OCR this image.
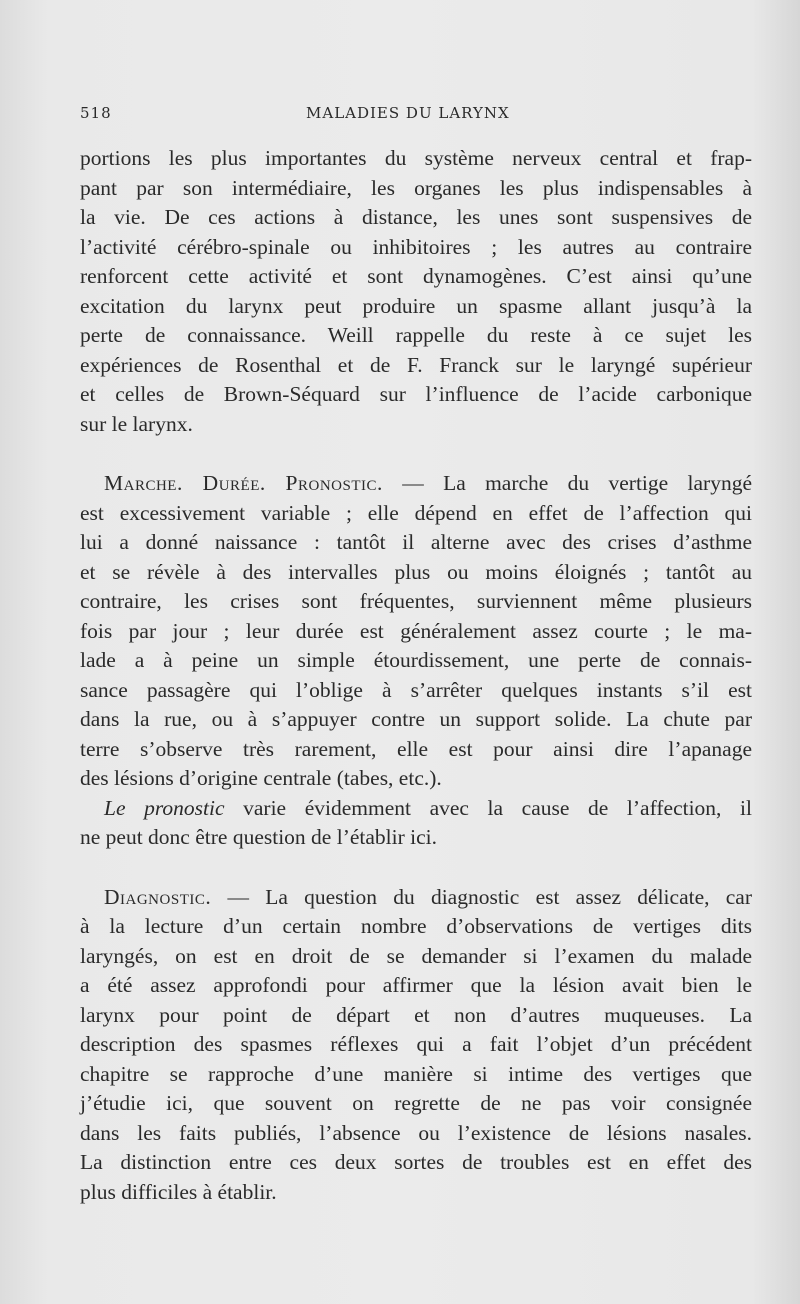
518	MALADIES DU LARYNX
portions les plus importantes du système nerveux central et frap-
pant par son intermédiaire, les organes les plus indispensables à
la vie. De ces actions à distance, les unes sont suspensives de
l’activité cérébro-spinale ou inhibitoires ; les autres au contraire
renforcent cette activité et sont dynamogènes. C’est ainsi qu’une
excitation du larynx peut produire un spasme allant jusqu’à la
perte de connaissance. Weill rappelle du reste à ce sujet les
expériences de Rosenthal et de F. Franck sur le laryngé supérieur
et celles de Brown-Séquard sur l’influence de l’acide carbonique
sur le larynx.
Marche. Durée. Pronostic. — La marche du vertige laryngé
est excessivement variable ; elle dépend en effet de l’affection qui
lui a donné naissance : tantôt il alterne avec des crises d’asthme
et se révèle à des intervalles plus ou moins éloignés ; tantôt au
contraire, les crises sont fréquentes, surviennent même plusieurs
fois par jour ; leur durée est généralement assez courte ; le ma-
lade a à peine un simple étourdissement, une perte de connais-
sance passagère qui l’oblige à s’arrêter quelques instants s’il est
dans la rue, ou à s’appuyer contre un support solide. La chute par
terre s’observe très rarement, elle est pour ainsi dire l’apanage
des lésions d’origine centrale (tabes, etc.).
Le pronostic varie évidemment avec la cause de l’affection, il
ne peut donc être question de l’établir ici.
Diagnostic. — La question du diagnostic est assez délicate, car
à la lecture d’un certain nombre d’observations de vertiges dits
laryngés, on est en droit de se demander si l’examen du malade
a été assez approfondi pour affirmer que la lésion avait bien le
larynx pour point de départ et non d’autres muqueuses. La
description des spasmes réflexes qui a fait l’objet d’un précédent
chapitre se rapproche d’une manière si intime des vertiges que
j’étudie ici, que souvent on regrette de ne pas voir consignée
dans les faits publiés, l’absence ou l’existence de lésions nasales.
La distinction entre ces deux sortes de troubles est en effet des
plus difficiles à établir.
